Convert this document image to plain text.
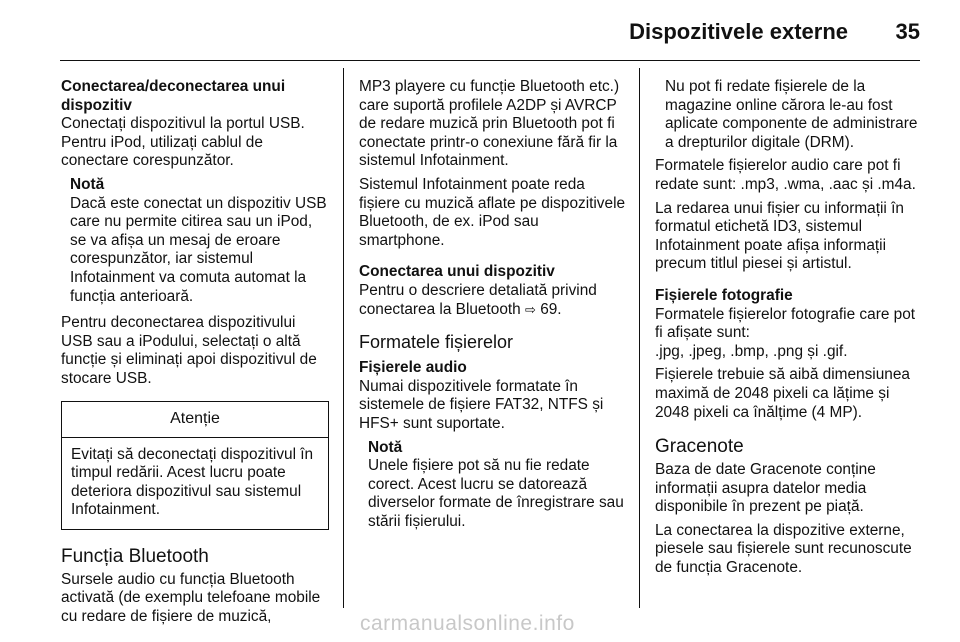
Dispozitivele externe 35

Conectarea/deconectarea unui dispozitiv

Conectați dispozitivul la portul USB. Pentru iPod, utilizați cablul de conectare corespunzător.

Notă

Dacă este conectat un dispozitiv USB care nu permite citirea sau un iPod, se va afișa un mesaj de eroare corespunzător, iar sistemul Infotainment va comuta automat la funcția anterioară.

Pentru deconectarea dispozitivului USB sau a iPodului, selectați o altă funcție și eliminați apoi dispozitivul de stocare USB.

Atenție
Evitați să deconectați dispozitivul în timpul redării. Acest lucru poate deteriora dispozitivul sau sistemul Infotainment.
Funcția Bluetooth

Sursele audio cu funcția Bluetooth activată (de exemplu telefoane mobile cu redare de fișiere de muzică,

MP3 playere cu funcție Bluetooth etc.) care suportă profilele A2DP și AVRCP de redare muzică prin Bluetooth pot fi conectate printr-o conexiune fără fir la sistemul Infotainment.

Sistemul Infotainment poate reda fișiere cu muzică aflate pe dispozitivele Bluetooth, de ex. iPod sau smartphone.

Conectarea unui dispozitiv

Pentru o descriere detaliată privind conectarea la Bluetooth ⇨ 69.

Formatele fișierelor

Fișierele audio

Numai dispozitivele formatate în sistemele de fișiere FAT32, NTFS și HFS+ sunt suportate.

Notă

Unele fișiere pot să nu fie redate corect. Acest lucru se datorează diverselor formate de înregistrare sau stării fișierului.

Nu pot fi redate fișierele de la magazine online cărora le-au fost aplicate componente de administrare a drepturilor digitale (DRM).

Formatele fișierelor audio care pot fi redate sunt: .mp3, .wma, .aac și .m4a.

La redarea unui fișier cu informații în formatul etichetă ID3, sistemul Infotainment poate afișa informații precum titlul piesei și artistul.

Fișierele fotografie

Formatele fișierelor fotografie care pot fi afișate sunt:

.jpg, .jpeg, .bmp, .png și .gif.

Fișierele trebuie să aibă dimensiunea maximă de 2048 pixeli ca lățime și 2048 pixeli ca înălțime (4 MP).

Gracenote

Baza de date Gracenote conține informații asupra datelor media disponibile în prezent pe piață.

La conectarea la dispozitive externe, piesele sau fișierele sunt recunoscute de funcția Gracenote.

carmanualsonline.info
